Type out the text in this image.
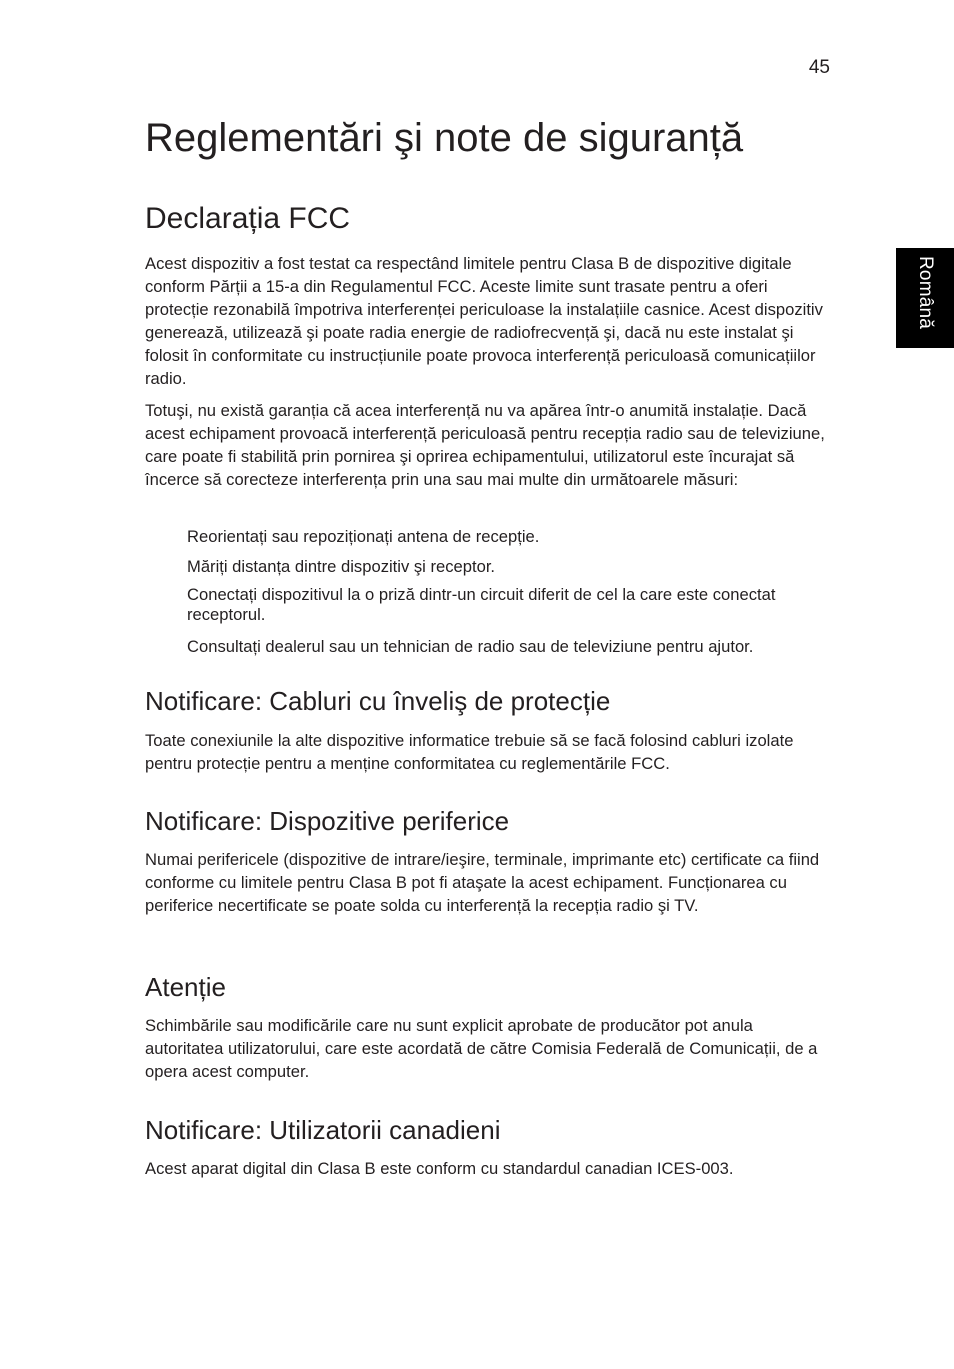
45
Română
Reglementări şi note de siguranță
Declarația FCC

Acest dispozitiv a fost testat ca respectând limitele pentru Clasa B de dispozitive digitale conform Părții a 15-a din Regulamentul FCC. Aceste limite sunt trasate pentru a oferi protecție rezonabilă împotriva interferenței periculoase la instalațiile casnice. Acest dispozitiv generează, utilizează şi poate radia energie de radiofrecvență şi, dacă nu este instalat şi folosit în conformitate cu instrucțiunile poate provoca interferență periculoasă comunicațiilor radio.

Totuşi, nu există garanția că acea interferență nu va apărea într-o anumită instalație. Dacă acest echipament provoacă interferență periculoasă pentru recepția radio sau de televiziune, care poate fi stabilită prin pornirea şi oprirea echipamentului, utilizatorul este încurajat să încerce să corecteze interferența prin una sau mai multe din următoarele măsuri:

Reorientați sau repoziționați antena de recepție.

Măriți distanța dintre dispozitiv şi receptor.

Conectați dispozitivul la o priză dintr-un circuit diferit de cel la care este conectat receptorul.

Consultați dealerul sau un tehnician de radio sau de televiziune pentru ajutor.

Notificare: Cabluri cu înveliş de protecție

Toate conexiunile la alte dispozitive informatice trebuie să se facă folosind cabluri izolate pentru protecție pentru a menține conformitatea cu reglementările FCC.

Notificare: Dispozitive periferice

Numai perifericele (dispozitive de intrare/ieşire, terminale, imprimante etc) certificate ca fiind conforme cu limitele pentru Clasa B pot fi ataşate la acest echipament. Funcționarea cu periferice necertificate se poate solda cu interferență la recepția radio şi TV.

Atenție

Schimbările sau modificările care nu sunt explicit aprobate de producător pot anula autoritatea utilizatorului, care este acordată de către Comisia Federală de Comunicații, de a opera acest computer.

Notificare: Utilizatorii canadieni

Acest aparat digital din Clasa B este conform cu standardul canadian ICES-003.
